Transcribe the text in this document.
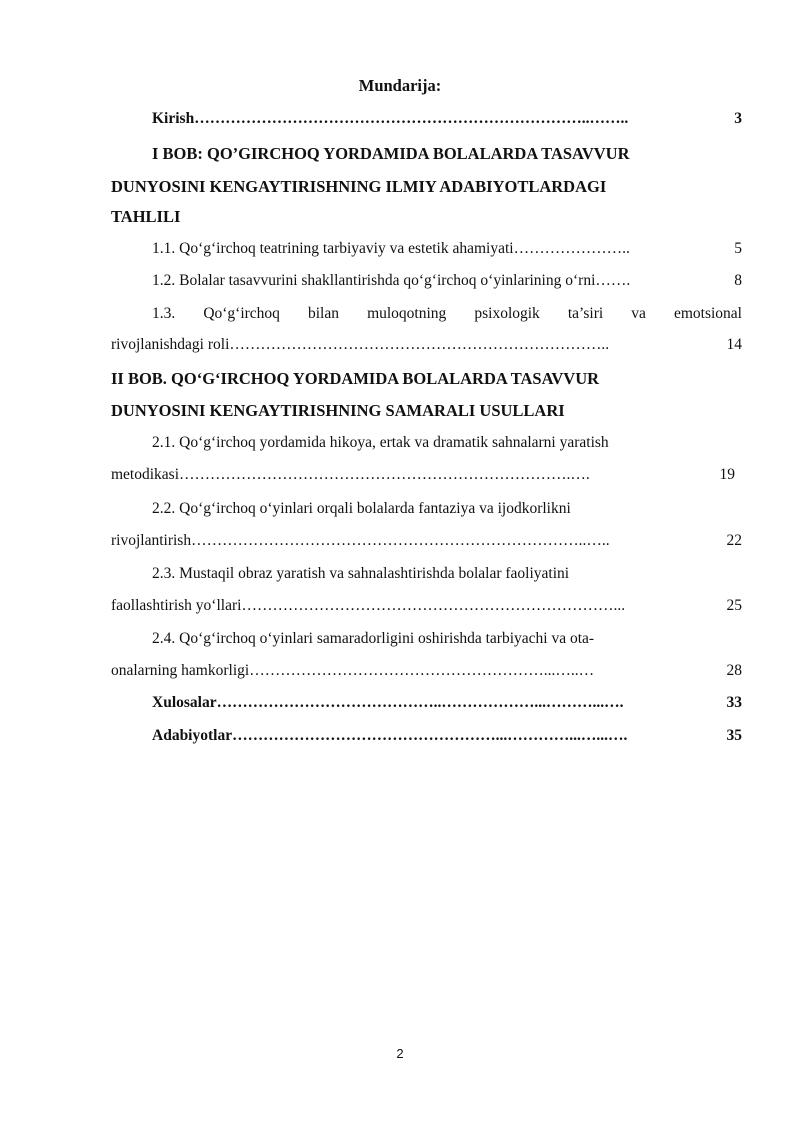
Mundarija:
Kirish …………………………………………………………………..……..	3
I BOB: QO’GIRCHOQ YORDAMIDA BOLALARDA TASAVVUR
DUNYOSINI KENGAYTIRISHNING ILMIY ADABIYOTLARDAGI
TAHLILI
1.1. Qo‘g‘irchoq teatrining tarbiyaviy va estetik ahamiyati …………………..	5
1.2. Bolalar tasavvurini shakllantirishda qo‘g‘irchoq o‘yinlarining o‘rni …….	8
1.3. Qo‘g‘irchoq bilan muloqotning psixologik ta’siri va emotsional
rivojlanishdagi roli ………………………………………………………………..	14
II BOB. QO‘G‘IRCHOQ YORDAMIDA BOLALARDA TASAVVUR
DUNYOSINI KENGAYTIRISHNING SAMARALI USULLARI
2.1. Qo‘g‘irchoq yordamida hikoya, ertak va dramatik sahnalarni yaratish
metodikasi ………………………………………………………………….….	19
2.2. Qo‘g‘irchoq o‘yinlari orqali bolalarda fantaziya va ijodkorlikni
rivojlantirish …………………………………………………………………..…..	22
2.3. Mustaqil obraz yaratish va sahnalashtirishda bolalar faoliyatini
faollashtirish yo‘llari ………………………………………………………………...	25
2.4. Qo‘g‘irchoq o‘yinlari samaradorligini oshirishda tarbiyachi va ota-
onalarning hamkorligi …………………………………………………...…..…	28
Xulosalar ……………………………………..………………...………...….	33
Adabiyotlar ……………………………………………...…………...…...….	35
2
